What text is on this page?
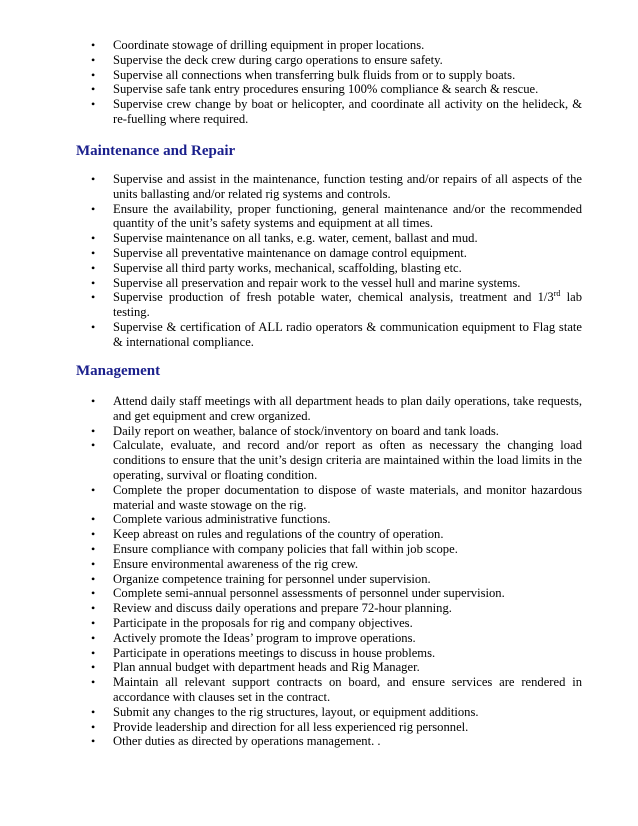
• Coordinate stowage of drilling equipment in proper locations.
• Supervise the deck crew during cargo operations to ensure safety.
• Supervise all connections when transferring bulk fluids from or to supply boats.
• Supervise safe tank entry procedures ensuring 100% compliance & search & rescue.
• Supervise crew change by boat or helicopter, and coordinate all activity on the helideck, & re-fuelling where required.
Maintenance and Repair
• Supervise and assist in the maintenance, function testing and/or repairs of all aspects of the units ballasting and/or related rig systems and controls.
• Ensure the availability, proper functioning, general maintenance and/or the recommended quantity of the unit’s safety systems and equipment at all times.
• Supervise maintenance on all tanks, e.g. water, cement, ballast and mud.
• Supervise all preventative maintenance on damage control equipment.
• Supervise all third party works, mechanical, scaffolding, blasting etc.
• Supervise all preservation and repair work to the vessel hull and marine systems.
• Supervise production of fresh potable water, chemical analysis, treatment and 1/3rd lab testing.
• Supervise & certification of ALL radio operators & communication equipment to Flag state & international compliance.
Management
• Attend daily staff meetings with all department heads to plan daily operations, take requests, and get equipment and crew organized.
• Daily report on weather, balance of stock/inventory on board and tank loads.
• Calculate, evaluate, and record and/or report as often as necessary the changing load conditions to ensure that the unit’s design criteria are maintained within the load limits in the operating, survival or floating condition.
• Complete the proper documentation to dispose of waste materials, and monitor hazardous material and waste stowage on the rig.
• Complete various administrative functions.
• Keep abreast on rules and regulations of the country of operation.
• Ensure compliance with company policies that fall within job scope.
• Ensure environmental awareness of the rig crew.
• Organize competence training for personnel under supervision.
• Complete semi-annual personnel assessments of personnel under supervision.
• Review and discuss daily operations and prepare 72-hour planning.
• Participate in the proposals for rig and company objectives.
• Actively promote the Ideas’ program to improve operations.
• Participate in operations meetings to discuss in house problems.
• Plan annual budget with department heads and Rig Manager.
• Maintain all relevant support contracts on board, and ensure services are rendered in accordance with clauses set in the contract.
• Submit any changes to the rig structures, layout, or equipment additions.
• Provide leadership and direction for all less experienced rig personnel.
• Other duties as directed by operations management. .
